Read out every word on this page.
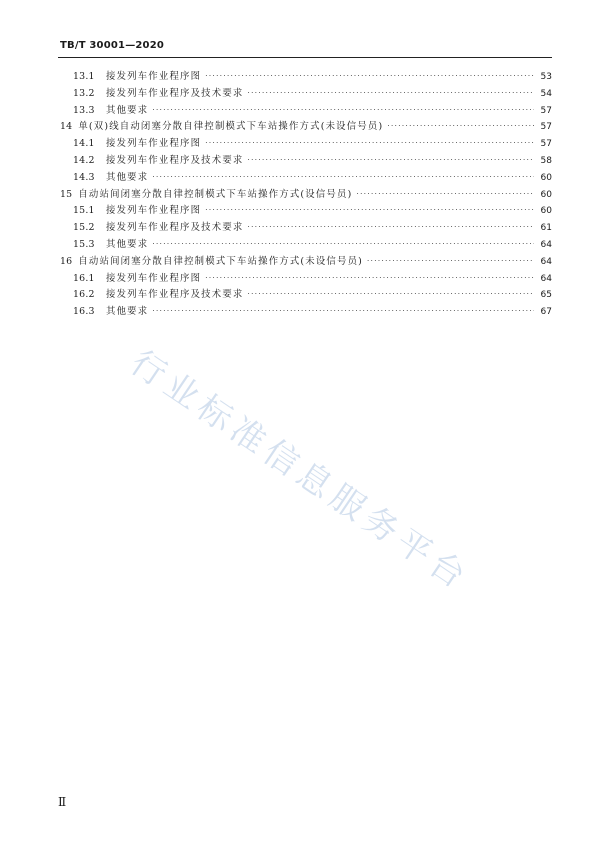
TB/T 30001—2020
13.1	接发列车作业程序图 ·····	53
13.2	接发列车作业程序及技术要求 ·····	54
13.3	其他要求 ·····	57
14 单(双)线自动闭塞分散自律控制模式下车站操作方式(未设信号员) ·····	57
14.1	接发列车作业程序图 ·····	57
14.2	接发列车作业程序及技术要求 ·····	58
14.3	其他要求 ·····	60
15 自动站间闭塞分散自律控制模式下车站操作方式(设信号员) ·····	60
15.1	接发列车作业程序图 ·····	60
15.2	接发列车作业程序及技术要求 ·····	61
15.3	其他要求 ·····	64
16 自动站间闭塞分散自律控制模式下车站操作方式(未设信号员) ·····	64
16.1	接发列车作业程序图 ·····	64
16.2	接发列车作业程序及技术要求 ·····	65
16.3	其他要求 ·····	67
行业标准信息服务平台
Ⅱ
